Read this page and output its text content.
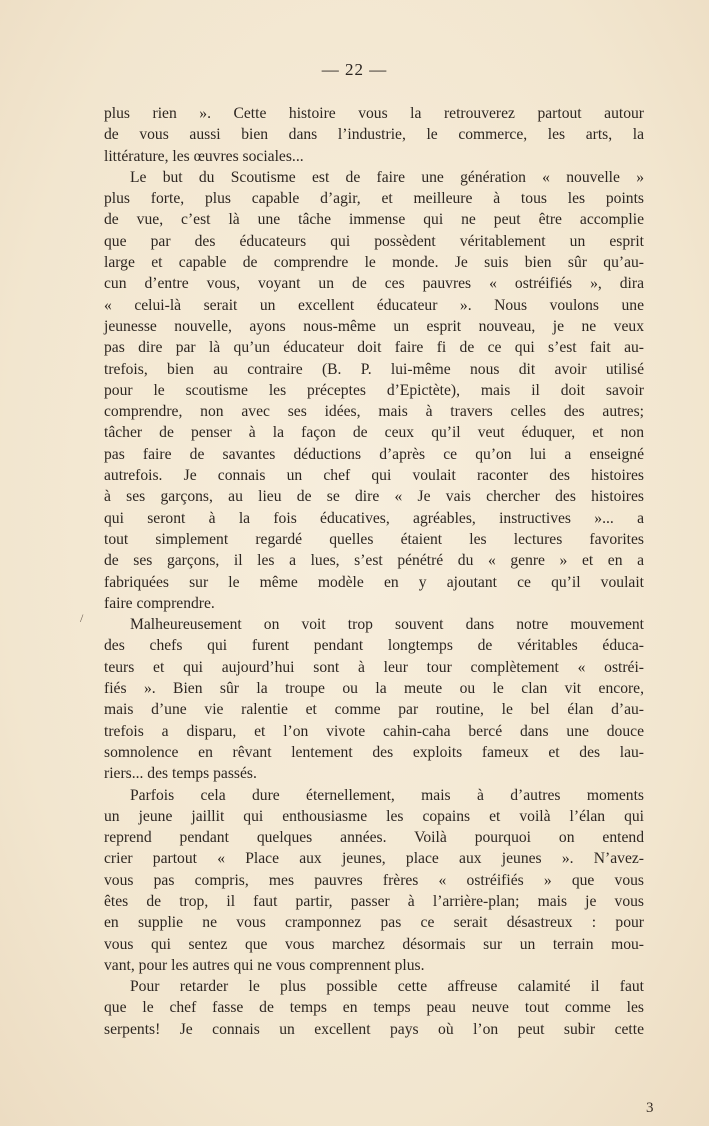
— 22 —
plus rien ». Cette histoire vous la retrouverez partout autour
de vous aussi bien dans l’industrie, le commerce, les arts, la
littérature, les œuvres sociales...
Le but du Scoutisme est de faire une génération « nouvelle »
plus forte, plus capable d’agir, et meilleure à tous les points
de vue, c’est là une tâche immense qui ne peut être accomplie
que par des éducateurs qui possèdent véritablement un esprit
large et capable de comprendre le monde. Je suis bien sûr qu’au-
cun d’entre vous, voyant un de ces pauvres « ostréifiés », dira
« celui-là serait un excellent éducateur ». Nous voulons une
jeunesse nouvelle, ayons nous-même un esprit nouveau, je ne veux
pas dire par là qu’un éducateur doit faire fi de ce qui s’est fait au-
trefois, bien au contraire (B. P. lui-même nous dit avoir utilisé
pour le scoutisme les préceptes d’Epictète), mais il doit savoir
comprendre, non avec ses idées, mais à travers celles des autres;
tâcher de penser à la façon de ceux qu’il veut éduquer, et non
pas faire de savantes déductions d’après ce qu’on lui a enseigné
autrefois. Je connais un chef qui voulait raconter des histoires
à ses garçons, au lieu de se dire « Je vais chercher des histoires
qui seront à la fois éducatives, agréables, instructives »... a
tout simplement regardé quelles étaient les lectures favorites
de ses garçons, il les a lues, s’est pénétré du « genre » et en a
fabriquées sur le même modèle en y ajoutant ce qu’il voulait
faire comprendre.
Malheureusement on voit trop souvent dans notre mouvement
des chefs qui furent pendant longtemps de véritables éduca-
teurs et qui aujourd’hui sont à leur tour complètement « ostréi-
fiés ». Bien sûr la troupe ou la meute ou le clan vit encore,
mais d’une vie ralentie et comme par routine, le bel élan d’au-
trefois a disparu, et l’on vivote cahin-caha bercé dans une douce
somnolence en rêvant lentement des exploits fameux et des lau-
riers... des temps passés.
Parfois cela dure éternellement, mais à d’autres moments
un jeune jaillit qui enthousiasme les copains et voilà l’élan qui
reprend pendant quelques années. Voilà pourquoi on entend
crier partout « Place aux jeunes, place aux jeunes ». N’avez-
vous pas compris, mes pauvres frères « ostréifiés » que vous
êtes de trop, il faut partir, passer à l’arrière-plan; mais je vous
en supplie ne vous cramponnez pas ce serait désastreux : pour
vous qui sentez que vous marchez désormais sur un terrain mou-
vant, pour les autres qui ne vous comprennent plus.
Pour retarder le plus possible cette affreuse calamité il faut
que le chef fasse de temps en temps peau neuve tout comme les
serpents! Je connais un excellent pays où l’on peut subir cette
/
3
